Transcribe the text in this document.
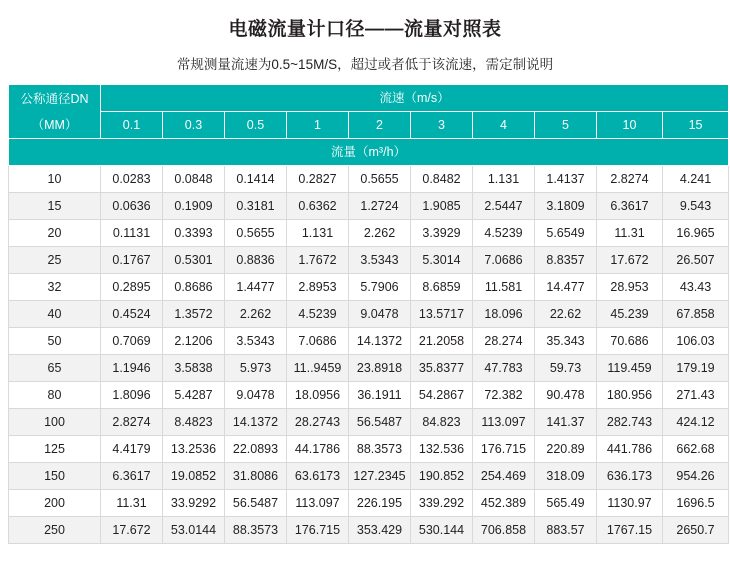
电磁流量计口径——流量对照表
常规测量流速为0.5~15M/S，超过或者低于该流速，需定制说明
公称通径DN
（MM）	流速（m/s）									
	0.1	0.3	0.5	1	2	3	4	5	10	15
流量（m³/h）										
10	0.0283	0.0848	0.1414	0.2827	0.5655	0.8482	1.131	1.4137	2.8274	4.241
15	0.0636	0.1909	0.3181	0.6362	1.2724	1.9085	2.5447	3.1809	6.3617	9.543
20	0.1131	0.3393	0.5655	1.131	2.262	3.3929	4.5239	5.6549	11.31	16.965
25	0.1767	0.5301	0.8836	1.7672	3.5343	5.3014	7.0686	8.8357	17.672	26.507
32	0.2895	0.8686	1.4477	2.8953	5.7906	8.6859	11.581	14.477	28.953	43.43
40	0.4524	1.3572	2.262	4.5239	9.0478	13.5717	18.096	22.62	45.239	67.858
50	0.7069	2.1206	3.5343	7.0686	14.1372	21.2058	28.274	35.343	70.686	106.03
65	1.1946	3.5838	5.973	11..9459	23.8918	35.8377	47.783	59.73	119.459	179.19
80	1.8096	5.4287	9.0478	18.0956	36.1911	54.2867	72.382	90.478	180.956	271.43
100	2.8274	8.4823	14.1372	28.2743	56.5487	84.823	113.097	141.37	282.743	424.12
125	4.4179	13.2536	22.0893	44.1786	88.3573	132.536	176.715	220.89	441.786	662.68
150	6.3617	19.0852	31.8086	63.6173	127.2345	190.852	254.469	318.09	636.173	954.26
200	11.31	33.9292	56.5487	113.097	226.195	339.292	452.389	565.49	1130.97	1696.5
250	17.672	53.0144	88.3573	176.715	353.429	530.144	706.858	883.57	1767.15	2650.7
